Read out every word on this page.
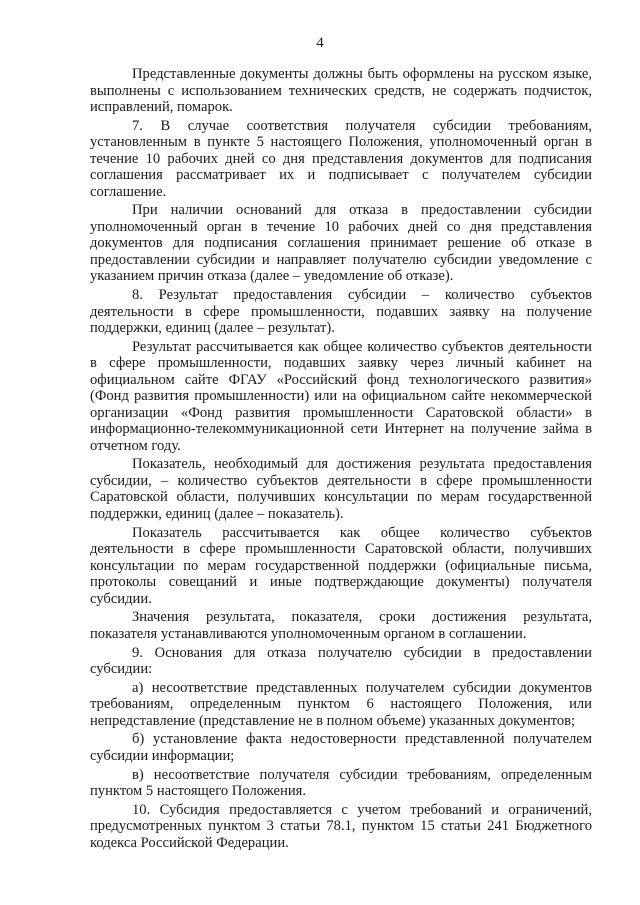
4

Представленные документы должны быть оформлены на русском языке, выполнены с использованием технических средств, не содержать подчисток, исправлений, помарок.

7. В случае соответствия получателя субсидии требованиям, установленным в пункте 5 настоящего Положения, уполномоченный орган в течение 10 рабочих дней со дня представления документов для подписания соглашения рассматривает их и подписывает с получателем субсидии соглашение.

При наличии оснований для отказа в предоставлении субсидии уполномоченный орган в течение 10 рабочих дней со дня представления документов для подписания соглашения принимает решение об отказе в предоставлении субсидии и направляет получателю субсидии уведомление с указанием причин отказа (далее – уведомление об отказе).

8. Результат предоставления субсидии – количество субъектов деятельности в сфере промышленности, подавших заявку на получение поддержки, единиц (далее – результат).

Результат рассчитывается как общее количество субъектов деятельности в сфере промышленности, подавших заявку через личный кабинет на официальном сайте ФГАУ «Российский фонд технологического развития» (Фонд развития промышленности) или на официальном сайте некоммерческой организации «Фонд развития промышленности Саратовской области» в информационно-телекоммуникационной сети Интернет на получение займа в отчетном году.

Показатель, необходимый для достижения результата предоставления субсидии, – количество субъектов деятельности в сфере промышленности Саратовской области, получивших консультации по мерам государственной поддержки, единиц (далее – показатель).

Показатель рассчитывается как общее количество субъектов деятельности в сфере промышленности Саратовской области, получивших консультации по мерам государственной поддержки (официальные письма, протоколы совещаний и иные подтверждающие документы) получателя субсидии.

Значения результата, показателя, сроки достижения результата, показателя устанавливаются уполномоченным органом в соглашении.

9. Основания для отказа получателю субсидии в предоставлении субсидии:

а) несоответствие представленных получателем субсидии документов требованиям, определенным пунктом 6 настоящего Положения, или непредставление (представление не в полном объеме) указанных документов;

б) установление факта недостоверности представленной получателем субсидии информации;

в) несоответствие получателя субсидии требованиям, определенным пунктом 5 настоящего Положения.

10. Субсидия предоставляется с учетом требований и ограничений, предусмотренных пунктом 3 статьи 78.1, пунктом 15 статьи 241 Бюджетного кодекса Российской Федерации.
